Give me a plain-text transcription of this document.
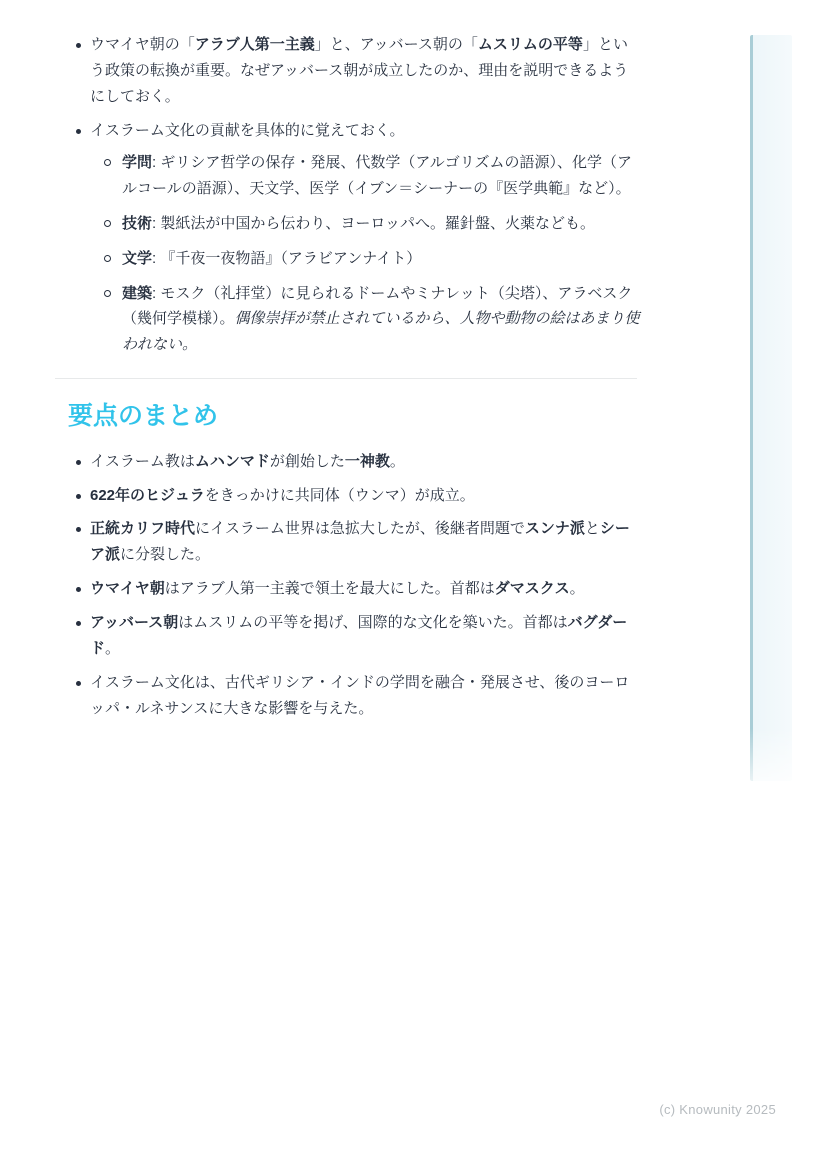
ウマイヤ朝の「アラブ人第一主義」と、アッバース朝の「ムスリムの平等」という政策の転換が重要。なぜアッバース朝が成立したのか、理由を説明できるようにしておく。
イスラーム文化の貢献を具体的に覚えておく。
学問: ギリシア哲学の保存・発展、代数学（アルゴリズムの語源）、化学（アルコールの語源）、天文学、医学（イブン＝シーナーの『医学典範』など）。
技術: 製紙法が中国から伝わり、ヨーロッパへ。羅針盤、火薬なども。
文学: 『千夜一夜物語』（アラビアンナイト）
建築: モスク（礼拝堂）に見られるドームやミナレット（尖塔）、アラベスク（幾何学模様）。偶像崇拝が禁止されているから、人物や動物の絵はあまり使われない。
要点のまとめ
イスラーム教はムハンマドが創始した一神教。
622年のヒジュラをきっかけに共同体（ウンマ）が成立。
正統カリフ時代にイスラーム世界は急拡大したが、後継者問題でスンナ派とシーア派に分裂した。
ウマイヤ朝はアラブ人第一主義で領土を最大にした。首都はダマスクス。
アッバース朝はムスリムの平等を掲げ、国際的な文化を築いた。首都はバグダード。
イスラーム文化は、古代ギリシア・インドの学問を融合・発展させ、後のヨーロッパ・ルネサンスに大きな影響を与えた。
(c) Knowunity 2025
